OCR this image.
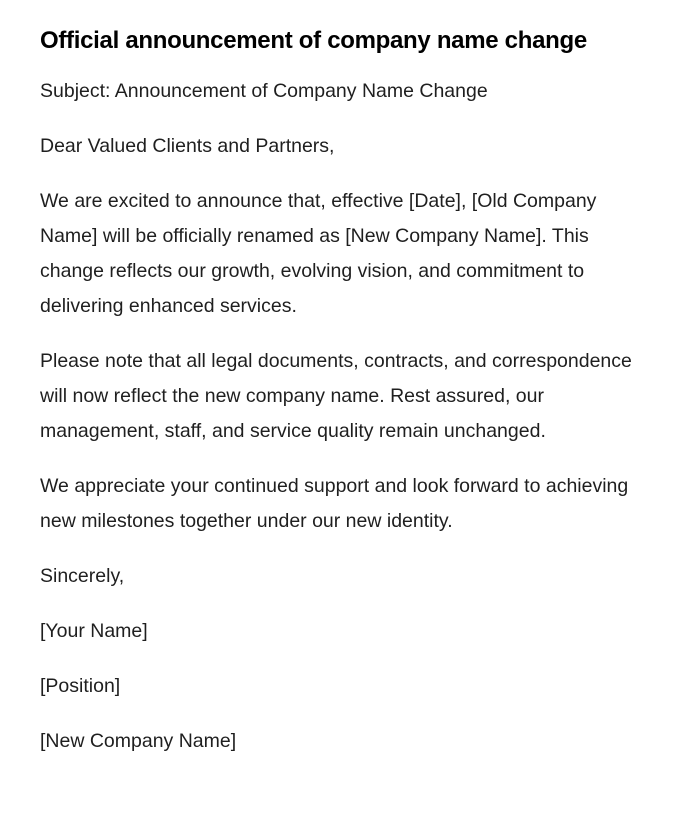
Official announcement of company name change

Subject: Announcement of Company Name Change

Dear Valued Clients and Partners,

We are excited to announce that, effective [Date], [Old Company Name] will be officially renamed as [New Company Name]. This change reflects our growth, evolving vision, and commitment to delivering enhanced services.

Please note that all legal documents, contracts, and correspondence will now reflect the new company name. Rest assured, our management, staff, and service quality remain unchanged.

We appreciate your continued support and look forward to achieving new milestones together under our new identity.

Sincerely,

[Your Name]

[Position]

[New Company Name]
